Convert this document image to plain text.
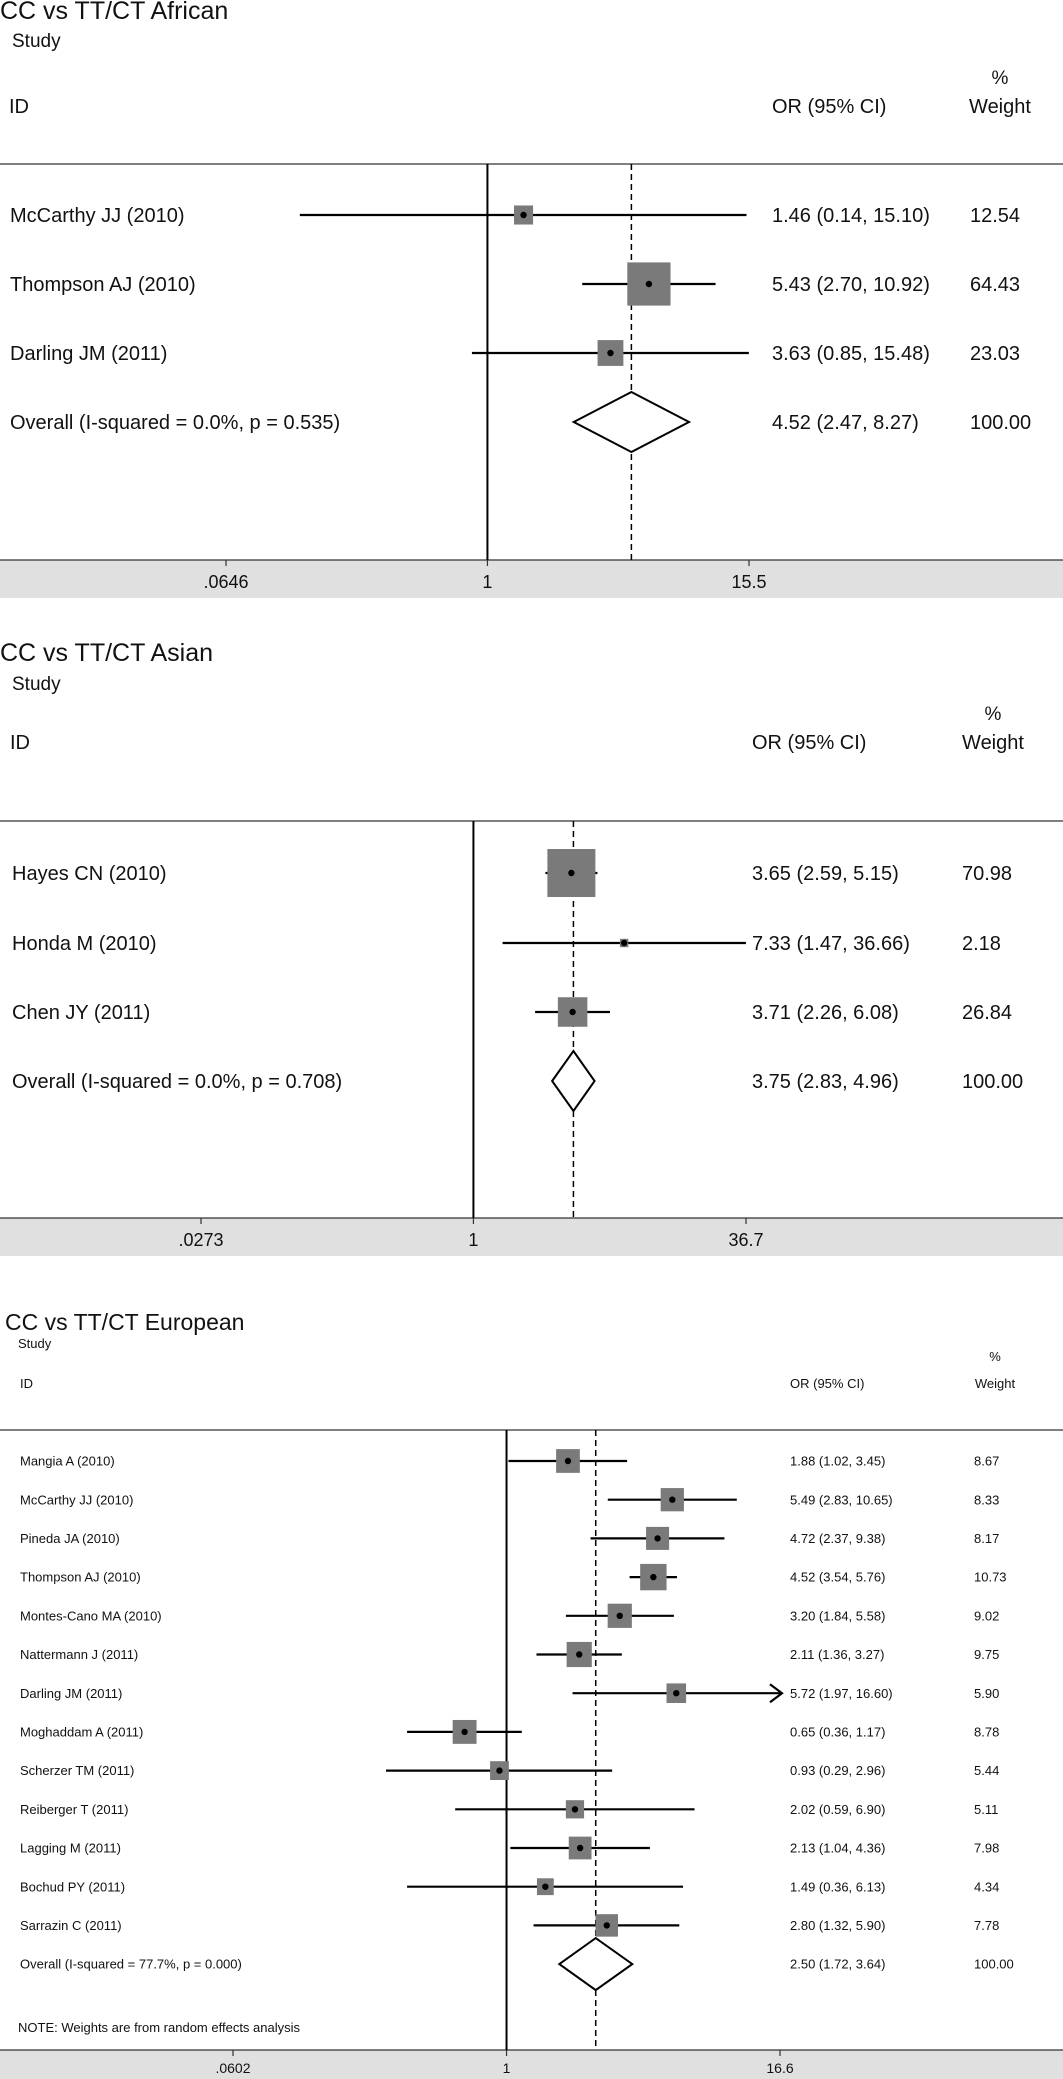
.0646	1	15.5
McCarthy JJ (2010)	1.46 (0.14, 15.10) 12.54
Thompson AJ (2010)	5.43 (2.70, 10.92) 64.43
Darling JM (2011)	3.63 (0.85, 15.48) 23.03
Overall (I-squared = 0.0%, p = 0.535)	4.52 (2.47, 8.27)	100.00
CC vs TT/CT African
Study
ID	OR (95% CI)
%
Weight
.0273	1	36.7
Hayes CN (2010)	3.65 (2.59, 5.15)	70.98
Honda M (2010)	7.33 (1.47, 36.66)	2.18
Chen JY (2011)	3.71 (2.26, 6.08)	26.84
Overall (I-squared = 0.0%, p = 0.708)	3.75 (2.83, 4.96)	100.00
CC vs TT/CT Asian
Study
ID	OR (95% CI)
%
Weight
.0602	1	16.6
Mangia A (2010)	1.88 (1.02, 3.45)	8.67
McCarthy JJ (2010)	5.49 (2.83, 10.65)	8.33
Pineda JA (2010)	4.72 (2.37, 9.38)	8.17
Thompson AJ (2010)	4.52 (3.54, 5.76)	10.73
Montes-Cano MA (2010)	3.20 (1.84, 5.58)	9.02
Nattermann J (2011)	2.11 (1.36, 3.27)	9.75
Darling JM (2011)	5.72 (1.97, 16.60)	5.90
Moghaddam A (2011)	0.65 (0.36, 1.17)	8.78
Scherzer TM (2011)	0.93 (0.29, 2.96)	5.44
Reiberger T (2011)	2.02 (0.59, 6.90)	5.11
Lagging M (2011)	2.13 (1.04, 4.36)	7.98
Bochud PY (2011)	1.49 (0.36, 6.13)	4.34
Sarrazin C (2011)	2.80 (1.32, 5.90)	7.78
Overall (I-squared = 77.7%, p = 0.000)	2.50 (1.72, 3.64)	100.00
CC vs TT/CT European
Study
ID	OR (95% CI)
%
Weight
NOTE: Weights are from random effects analysis
